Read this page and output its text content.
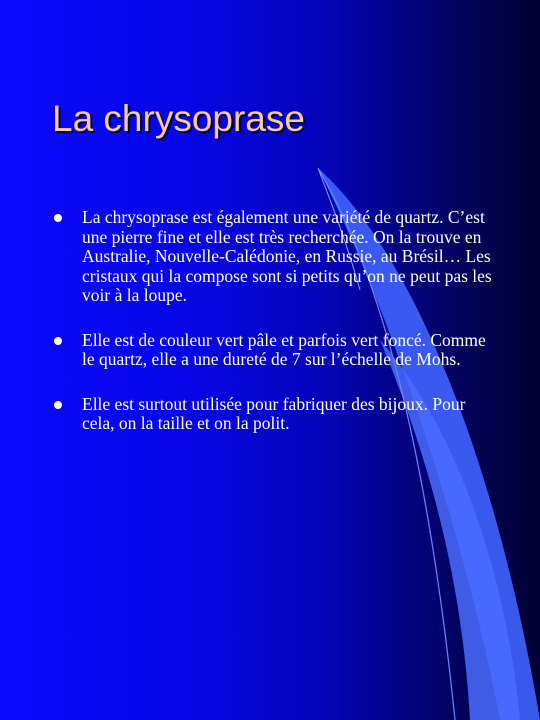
La chrysoprase
La chrysoprase est également une variété de quartz. C’est une pierre fine et elle est très recherchée. On la trouve en Australie, Nouvelle-Calédonie, en Russie, au Brésil… Les cristaux qui la compose sont si petits qu’on ne peut pas les voir à la loupe.
Elle est de couleur vert pâle et parfois vert foncé. Comme le quartz, elle a une dureté de 7 sur l’échelle de Mohs.
Elle est surtout utilisée pour fabriquer des bijoux. Pour cela, on la taille et on la polit.
